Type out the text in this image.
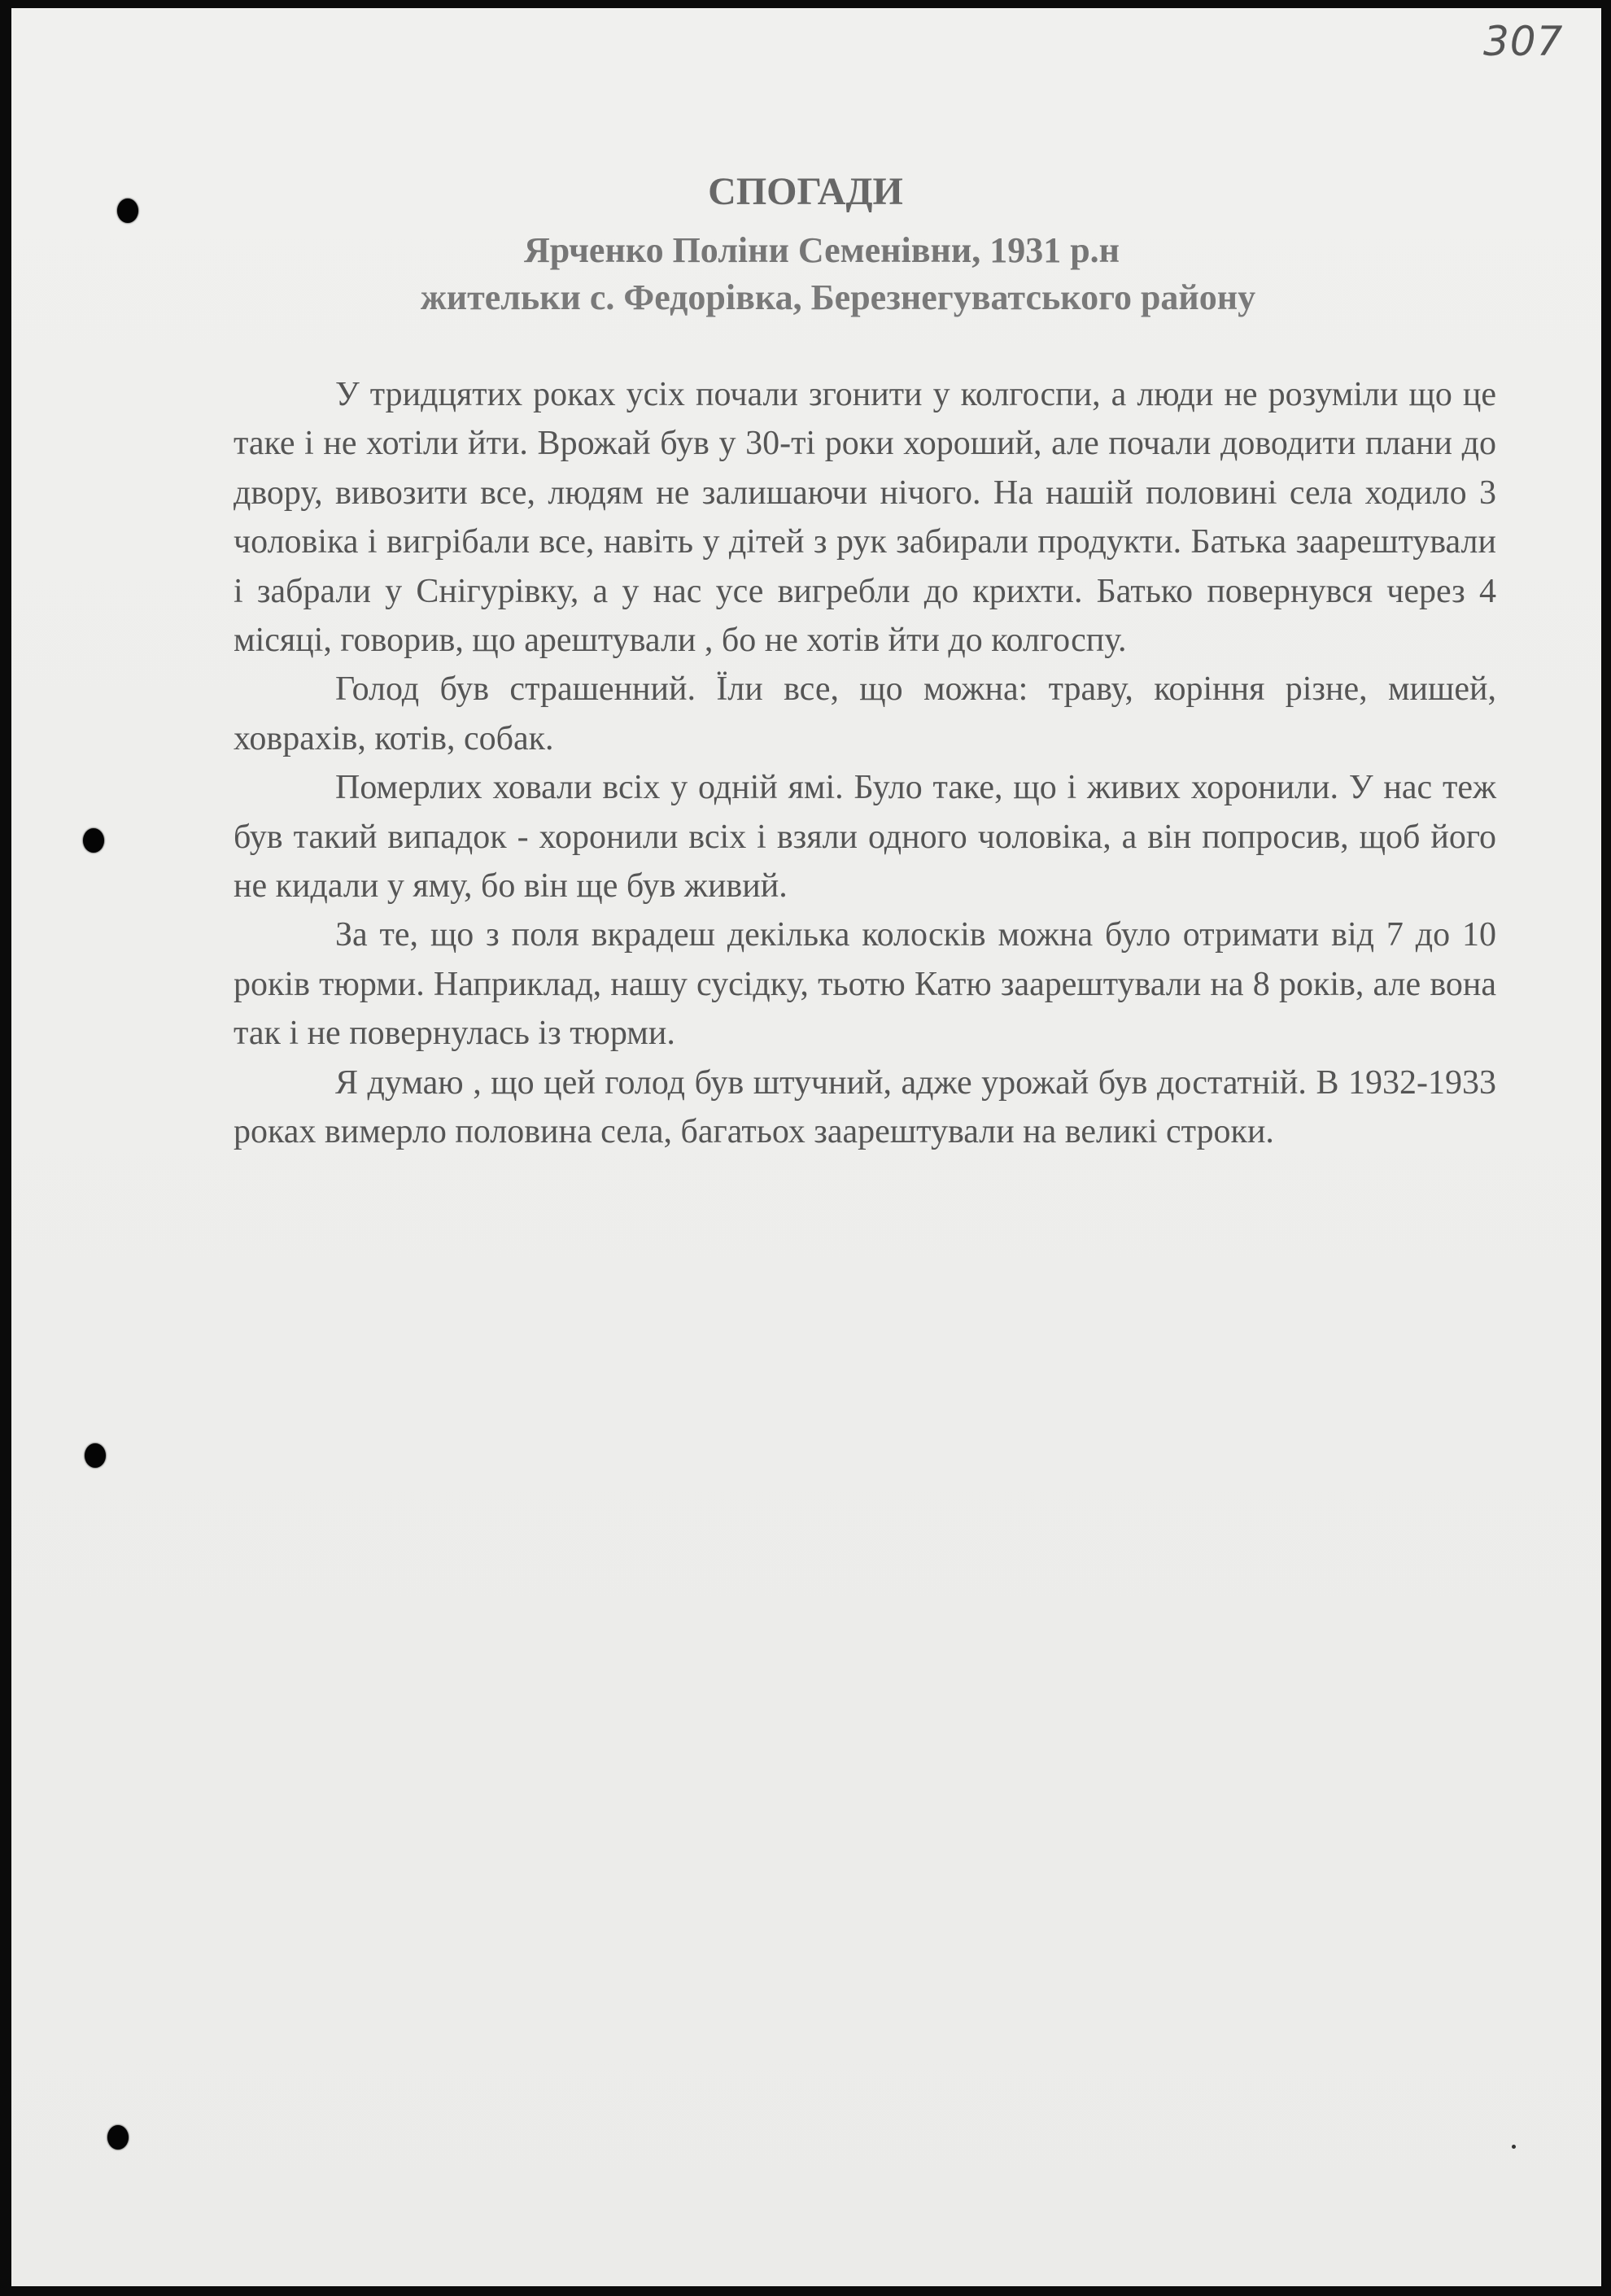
307
СПОГАДИ
Ярченко Поліни Семенівни, 1931 р.н
жительки с. Федорівка, Березнегуватського району

У тридцятих роках усіх почали згонити у колгоспи, а люди не розуміли що це таке і не хотіли йти. Врожай був у 30-ті роки хороший, але почали доводити плани до двору, вивозити все, людям не залишаючи нічого. На нашій половині села ходило 3 чоловіка і вигрібали все, навіть у дітей з рук забирали продукти. Батька заарештували і забрали у Снігурівку, а у нас усе вигребли до крихти. Батько повернувся через 4 місяці, говорив, що арештували , бо не хотів йти до колгоспу.

Голод був страшенний. Їли все, що можна: траву, коріння різне, мишей, ховрахів, котів, собак.

Померлих ховали всіх у одній ямі. Було таке, що і живих хоронили. У нас теж був такий випадок - хоронили всіх і взяли одного чоловіка, а він попросив, щоб його не кидали у яму, бо він ще був живий.

За те, що з поля вкрадеш декілька колосків можна було отримати від 7 до 10 років тюрми. Наприклад, нашу сусідку, тьотю Катю заарештували на 8 років, але вона так і не повернулась із тюрми.

Я думаю , що цей голод був штучний, адже урожай був достатній. В 1932-1933 роках вимерло половина села, багатьох заарештували на великі строки.
